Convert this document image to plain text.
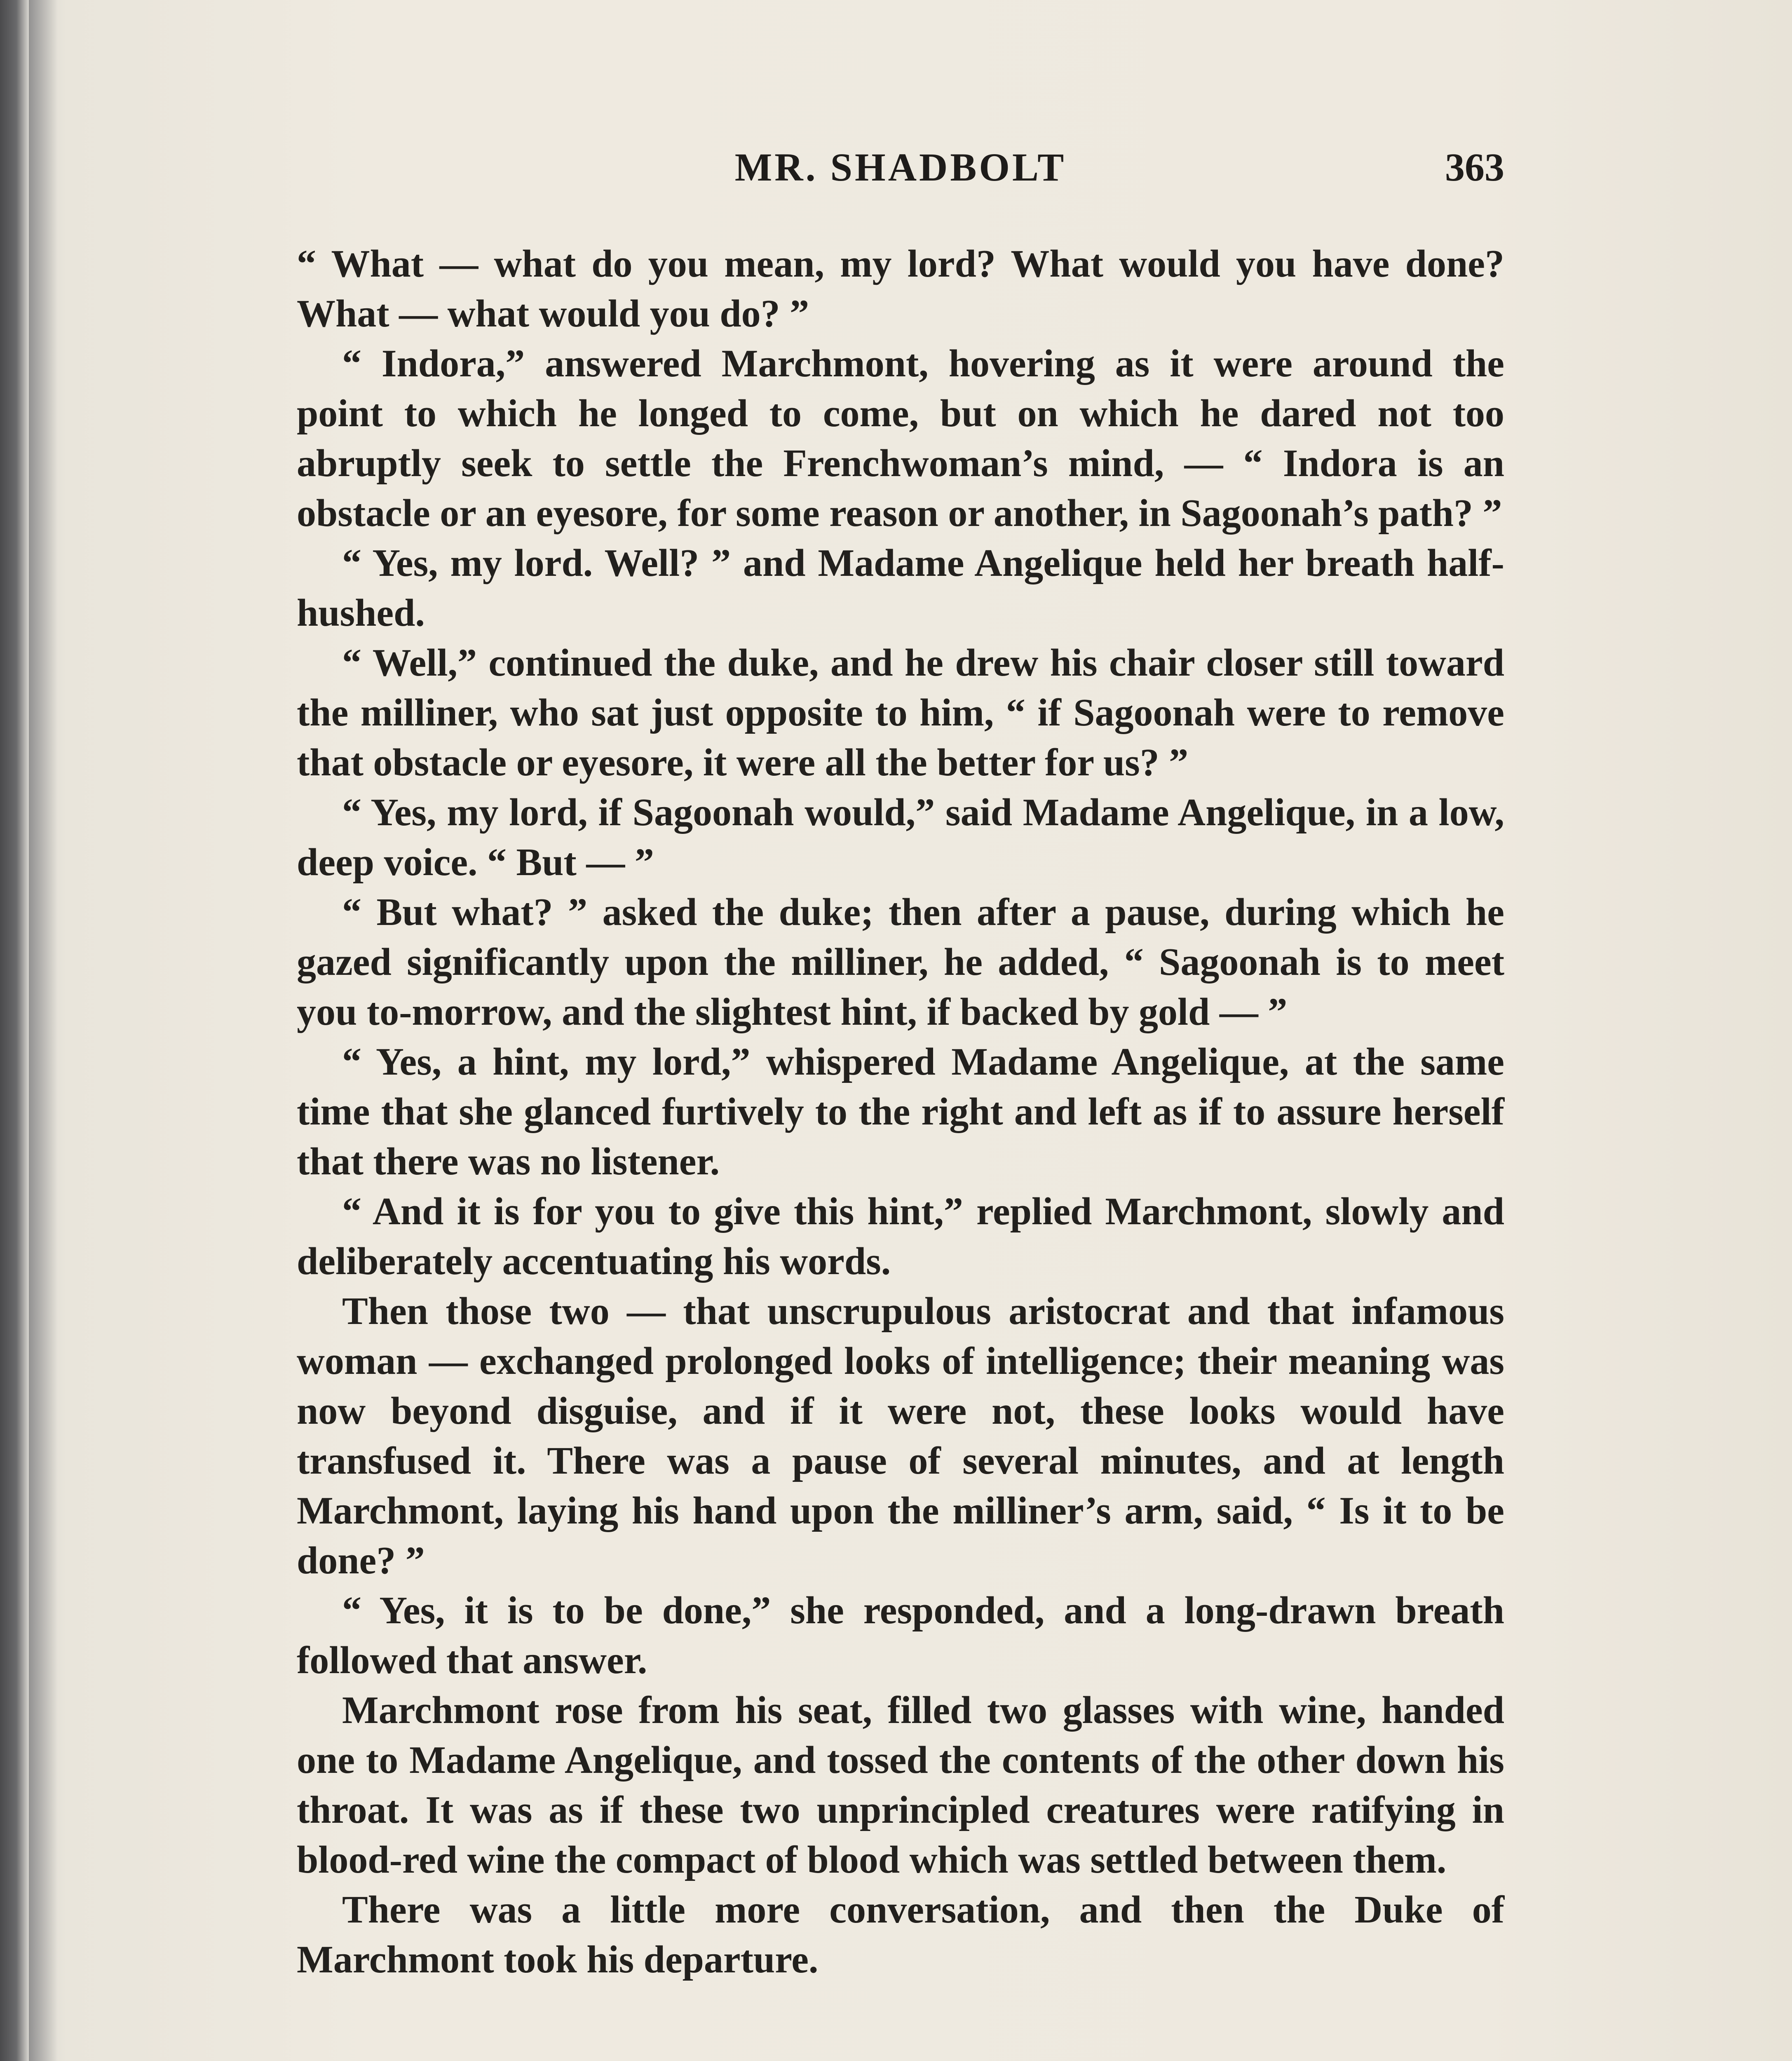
MR. SHADBOLT	363

“ What — what do you mean, my lord? What would you have done? What — what would you do? ”

“ Indora,” answered Marchmont, hovering as it were around the point to which he longed to come, but on which he dared not too abruptly seek to settle the Frenchwoman’s mind, — “ Indora is an obstacle or an eyesore, for some reason or another, in Sagoonah’s path? ”

“ Yes, my lord. Well? ” and Madame Angelique held her breath half-hushed.

“ Well,” continued the duke, and he drew his chair closer still toward the milliner, who sat just opposite to him, “ if Sagoonah were to remove that obstacle or eyesore, it were all the better for us? ”

“ Yes, my lord, if Sagoonah would,” said Madame Angelique, in a low, deep voice. “ But — ”

“ But what? ” asked the duke; then after a pause, during which he gazed significantly upon the milliner, he added, “ Sagoonah is to meet you to-morrow, and the slightest hint, if backed by gold — ”

“ Yes, a hint, my lord,” whispered Madame Angelique, at the same time that she glanced furtively to the right and left as if to assure herself that there was no listener.

“ And it is for you to give this hint,” replied Marchmont, slowly and deliberately accentuating his words.

Then those two — that unscrupulous aristocrat and that infamous woman — exchanged prolonged looks of intelligence; their meaning was now beyond disguise, and if it were not, these looks would have transfused it. There was a pause of several minutes, and at length Marchmont, laying his hand upon the milliner’s arm, said, “ Is it to be done? ”

“ Yes, it is to be done,” she responded, and a long-drawn breath followed that answer.

Marchmont rose from his seat, filled two glasses with wine, handed one to Madame Angelique, and tossed the contents of the other down his throat. It was as if these two unprincipled creatures were ratifying in blood-red wine the compact of blood which was settled between them.

There was a little more conversation, and then the Duke of Marchmont took his departure.
